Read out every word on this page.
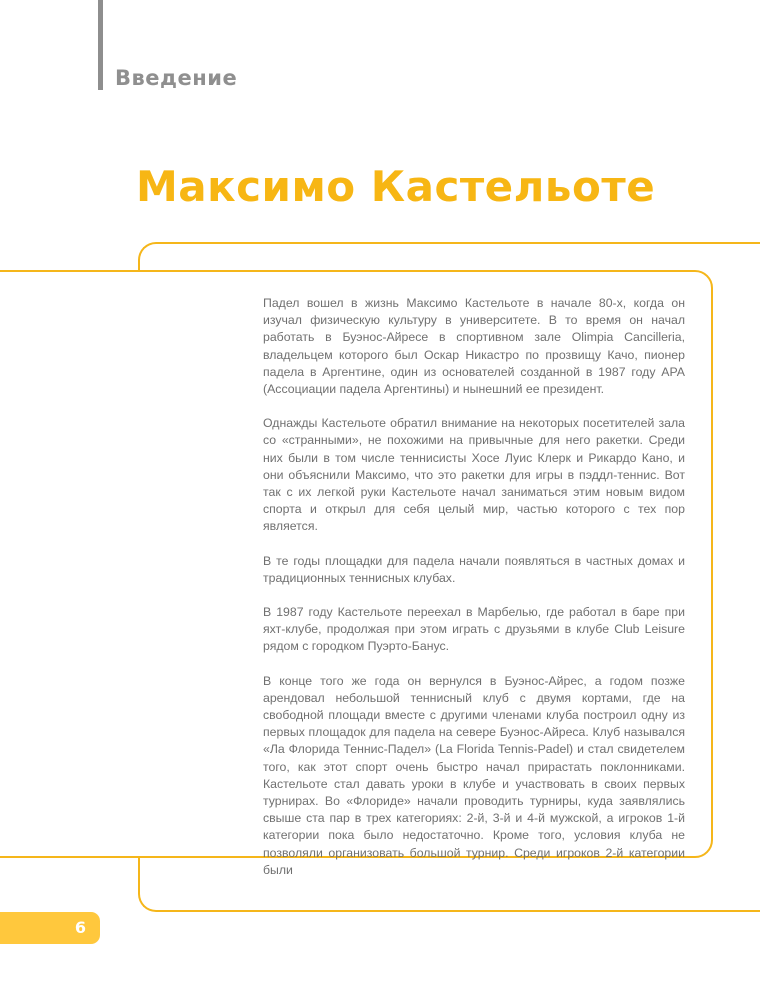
Введение
Максимо Кастельоте

Падел вошел в жизнь Максимо Кастельоте в начале 80-х, когда он изучал физическую культуру в университете. В то время он начал работать в Буэнос-Айресе в спортивном зале Olimpia Cancilleria, владельцем которого был Оскар Никастро по прозвищу Качо, пионер падела в Аргентине, один из основателей созданной в 1987 году APA (Ассоциации падела Аргентины) и нынешний ее президент.

Однажды Кастельоте обратил внимание на некоторых посетителей зала со «странными», не похожими на привычные для него ракетки. Среди них были в том числе теннисисты Хосе Луис Клерк и Рикардо Кано, и они объяснили Максимо, что это ракетки для игры в пэддл-теннис. Вот так с их легкой руки Кастельоте начал заниматься этим новым видом спорта и открыл для себя целый мир, частью которого с тех пор является.

В те годы площадки для падела начали появляться в частных домах и традиционных теннисных клубах.

В 1987 году Кастельоте переехал в Марбелью, где работал в баре при яхт-клубе, продолжая при этом играть с друзьями в клубе Club Leisure рядом с городком Пуэрто-Банус.

В конце того же года он вернулся в Буэнос-Айрес, а годом позже арендовал небольшой теннисный клуб с двумя кортами, где на свободной площади вместе с другими членами клуба построил одну из первых площадок для падела на севере Буэнос-Айреса. Клуб назывался «Ла Флорида Теннис-Падел» (La Florida Tennis-Padel) и стал свидетелем того, как этот спорт очень быстро начал прирастать поклонниками. Кастельоте стал давать уроки в клубе и участвовать в своих первых турнирах. Во «Флориде» начали проводить турниры, куда заявлялись свыше ста пар в трех категориях: 2-й, 3-й и 4-й мужской, а игроков 1-й категории пока было недостаточно. Кроме того, условия клуба не позволяли организовать большой турнир. Среди игроков 2-й категории были

6
